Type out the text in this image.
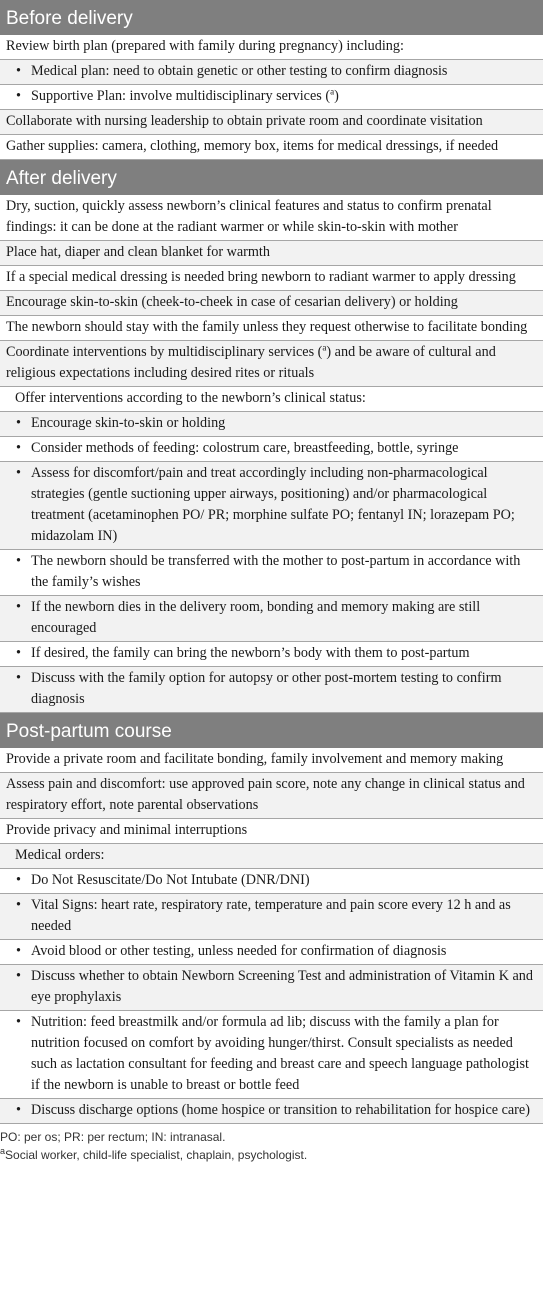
Before delivery
Review birth plan (prepared with family during pregnancy) including:
• Medical plan: need to obtain genetic or other testing to confirm diagnosis
• Supportive Plan: involve multidisciplinary services ($^a$)
Collaborate with nursing leadership to obtain private room and coordinate visitation
Gather supplies: camera, clothing, memory box, items for medical dressings, if needed
After delivery
Dry, suction, quickly assess newborn’s clinical features and status to confirm prenatal findings: it can be done at the radiant warmer or while skin-to-skin with mother
Place hat, diaper and clean blanket for warmth
If a special medical dressing is needed bring newborn to radiant warmer to apply dressing
Encourage skin-to-skin (cheek-to-cheek in case of cesarian delivery) or holding
The newborn should stay with the family unless they request otherwise to facilitate bonding
Coordinate interventions by multidisciplinary services ($^a$) and be aware of cultural and religious expectations including desired rites or rituals
Offer interventions according to the newborn’s clinical status:
• Encourage skin-to-skin or holding
• Consider methods of feeding: colostrum care, breastfeeding, bottle, syringe
• Assess for discomfort/pain and treat accordingly including non-pharmacological strategies (gentle suctioning upper airways, positioning) and/or pharmacological treatment (acetaminophen PO/ PR; morphine sulfate PO; fentanyl IN; lorazepam PO; midazolam IN)
• The newborn should be transferred with the mother to post-partum in accordance with the family’s wishes
• If the newborn dies in the delivery room, bonding and memory making are still encouraged
• If desired, the family can bring the newborn’s body with them to post-partum
• Discuss with the family option for autopsy or other post-mortem testing to confirm diagnosis
Post-partum course
Provide a private room and facilitate bonding, family involvement and memory making
Assess pain and discomfort: use approved pain score, note any change in clinical status and respiratory effort, note parental observations
Provide privacy and minimal interruptions
Medical orders:
• Do Not Resuscitate/Do Not Intubate (DNR/DNI)
• Vital Signs: heart rate, respiratory rate, temperature and pain score every 12 h and as needed
• Avoid blood or other testing, unless needed for confirmation of diagnosis
• Discuss whether to obtain Newborn Screening Test and administration of Vitamin K and eye prophylaxis
• Nutrition: feed breastmilk and/or formula ad lib; discuss with the family a plan for nutrition focused on comfort by avoiding hunger/thirst. Consult specialists as needed such as lactation consultant for feeding and breast care and speech language pathologist if the newborn is unable to breast or bottle feed
• Discuss discharge options (home hospice or transition to rehabilitation for hospice care)
PO: per os; PR: per rectum; IN: intranasal.
$^a$Social worker, child-life specialist, chaplain, psychologist.
